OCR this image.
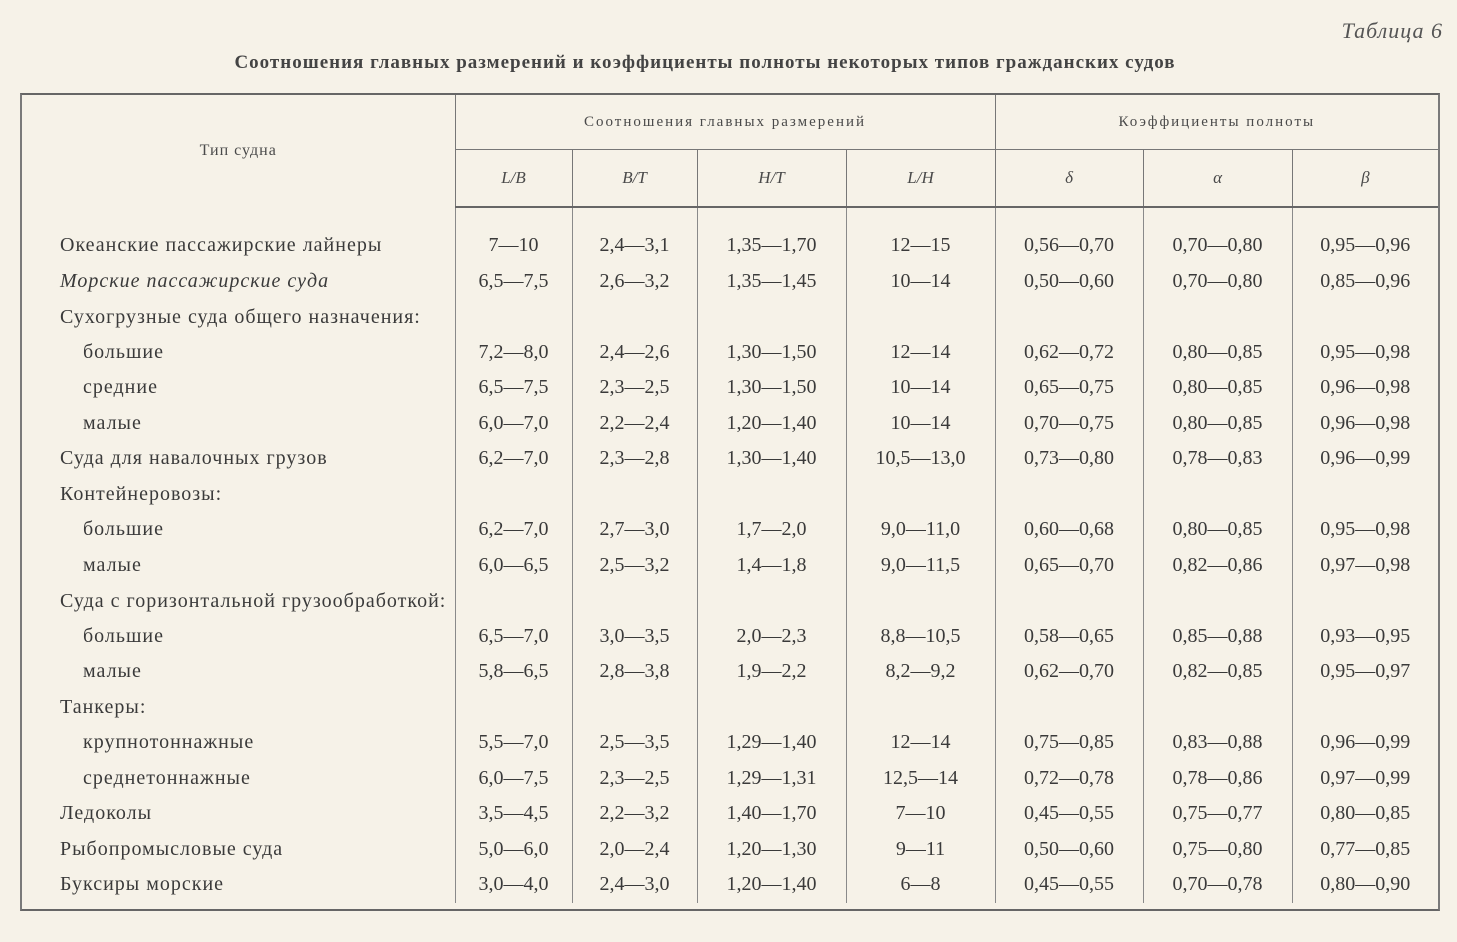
Таблица 6
Соотношения главных размерений и коэффициенты полноты некоторых типов гражданских судов
Тип судна	Соотношения главных размерений				Коэффициенты полноты		
	L/B	B/T	H/T	L/H	δ	α	β

Океанские пассажирские лайнеры	7—10	2,4—3,1	1,35—1,70	12—15	0,56—0,70	0,70—0,80	0,95—0,96
Морские пассажирские суда	6,5—7,5	2,6—3,2	1,35—1,45	10—14	0,50—0,60	0,70—0,80	0,85—0,96
Сухогрузные суда общего назначения:							
большие	7,2—8,0	2,4—2,6	1,30—1,50	12—14	0,62—0,72	0,80—0,85	0,95—0,98
средние	6,5—7,5	2,3—2,5	1,30—1,50	10—14	0,65—0,75	0,80—0,85	0,96—0,98
малые	6,0—7,0	2,2—2,4	1,20—1,40	10—14	0,70—0,75	0,80—0,85	0,96—0,98
Суда для навалочных грузов	6,2—7,0	2,3—2,8	1,30—1,40	10,5—13,0	0,73—0,80	0,78—0,83	0,96—0,99
Контейнеровозы:							
большие	6,2—7,0	2,7—3,0	1,7—2,0	9,0—11,0	0,60—0,68	0,80—0,85	0,95—0,98
малые	6,0—6,5	2,5—3,2	1,4—1,8	9,0—11,5	0,65—0,70	0,82—0,86	0,97—0,98
Суда с горизонтальной грузообработкой:							
большие	6,5—7,0	3,0—3,5	2,0—2,3	8,8—10,5	0,58—0,65	0,85—0,88	0,93—0,95
малые	5,8—6,5	2,8—3,8	1,9—2,2	8,2—9,2	0,62—0,70	0,82—0,85	0,95—0,97
Танкеры:							
крупнотоннажные	5,5—7,0	2,5—3,5	1,29—1,40	12—14	0,75—0,85	0,83—0,88	0,96—0,99
среднетоннажные	6,0—7,5	2,3—2,5	1,29—1,31	12,5—14	0,72—0,78	0,78—0,86	0,97—0,99
Ледоколы	3,5—4,5	2,2—3,2	1,40—1,70	7—10	0,45—0,55	0,75—0,77	0,80—0,85
Рыбопромысловые суда	5,0—6,0	2,0—2,4	1,20—1,30	9—11	0,50—0,60	0,75—0,80	0,77—0,85
Буксиры морские	3,0—4,0	2,4—3,0	1,20—1,40	6—8	0,45—0,55	0,70—0,78	0,80—0,90
